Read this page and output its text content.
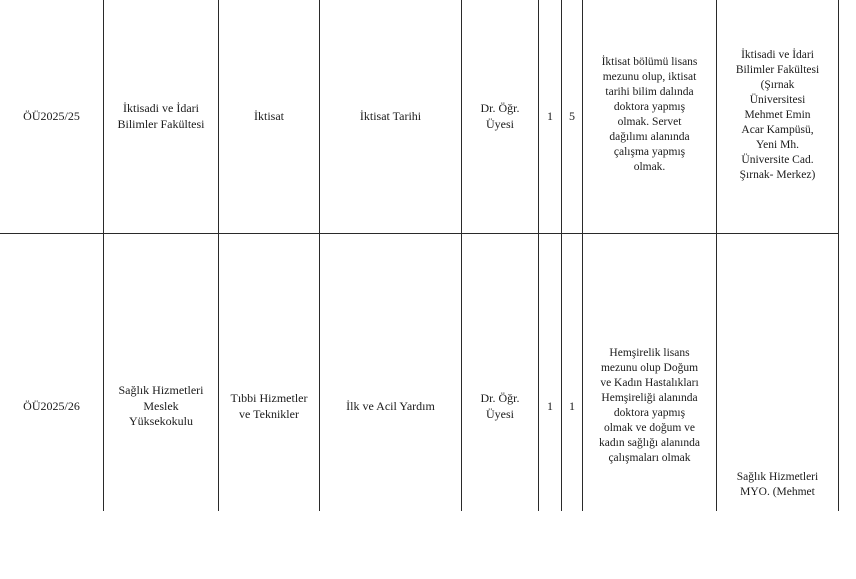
ÖÜ2025/25
İktisadi ve İdari
Bilimler Fakültesi
İktisat	İktisat Tarihi
Dr. Öğr.
Üyesi
1 5
İktisat bölümü lisans
mezunu olup, iktisat
tarihi bilim dalında
doktora yapmış
olmak. Servet
dağılımı alanında
çalışma yapmış
olmak.
İktisadi ve İdari
Bilimler Fakültesi
(Şırnak
Üniversitesi
Mehmet Emin
Acar Kampüsü,
Yeni Mh.
Üniversite Cad.
Şırnak- Merkez)
ÖÜ2025/26
Sağlık Hizmetleri
Meslek
Yüksekokulu
Tıbbi Hizmetler
ve Teknikler
İlk ve Acil Yardım
Dr. Öğr.
Üyesi
1 1
Hemşirelik lisans
mezunu olup Doğum
ve Kadın Hastalıkları
Hemşireliği alanında
doktora yapmış
olmak ve doğum ve
kadın sağlığı alanında
çalışmaları olmak
Sağlık Hizmetleri
MYO. (Mehmet
